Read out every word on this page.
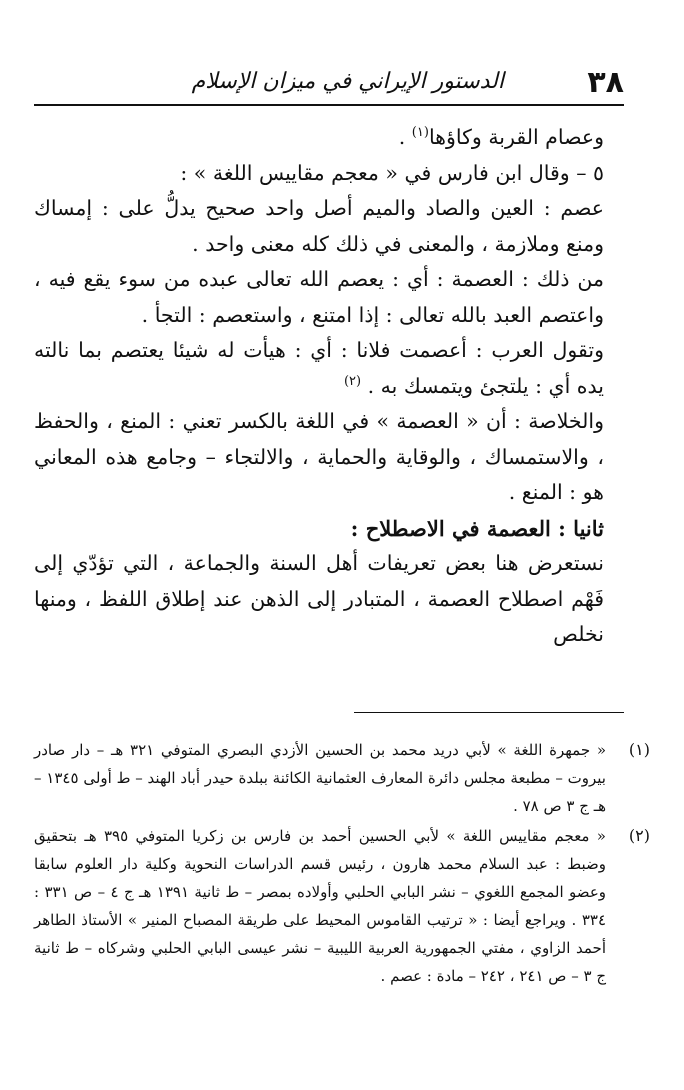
٣٨
الدستور الإيراني في ميزان الإسلام

وعصام القربة وكاؤها$^{(١)}$ .

٥ – وقال ابن فارس في « معجم مقاييس اللغة » :

عصم : العين والصاد والميم أصل واحد صحيح يدلُّ على : إمساك ومنع وملازمة ، والمعنى في ذلك كله معنى واحد .

من ذلك : العصمة : أي : يعصم الله تعالى عبده من سوء يقع فيه ، واعتصم العبد بالله تعالى : إذا امتنع ، واستعصم : التجأ .

وتقول العرب : أعصمت فلانا : أي : هيأت له شيئا يعتصم بما نالته يده أي : يلتجئ ويتمسك به . $^{(٢)}$

والخلاصة : أن « العصمة » في اللغة بالكسر تعني : المنع ، والحفظ ، والاستمساك ، والوقاية والحماية ، والالتجاء – وجامع هذه المعاني هو : المنع .

ثانيا : العصمة في الاصطلاح :

نستعرض هنا بعض تعريفات أهل السنة والجماعة ، التي تؤدّي إلى فَهْم اصطلاح العصمة ، المتبادر إلى الذهن عند إطلاق اللفظ ، ومنها نخلص

(١)
« جمهرة اللغة » لأبي دريد محمد بن الحسين الأزدي البصري المتوفي ٣٢١ هـ – دار صادر بيروت – مطبعة مجلس دائرة المعارف العثمانية الكائنة ببلدة حيدر أباد الهند – ط أولى ١٣٤٥ – هـ ج ٣ ص ٧٨ .
(٢)
« معجم مقاييس اللغة » لأبي الحسين أحمد بن فارس بن زكريا المتوفي ٣٩٥ هـ بتحقيق وضبط : عبد السلام محمد هارون ، رئيس قسم الدراسات النحوية وكلية دار العلوم سابقا وعضو المجمع اللغوي – نشر البابي الحلبي وأولاده بمصر – ط ثانية ١٣٩١ هـ ج ٤ – ص ٣٣١ : ٣٣٤ . ويراجع أيضا : « ترتيب القاموس المحيط على طريقة المصباح المنير » الأستاذ الطاهر أحمد الزاوي ، مفتي الجمهورية العربية الليبية – نشر عيسى البابي الحلبي وشركاه – ط ثانية ج ٣ – ص ٢٤١ ، ٢٤٢ – مادة : عصم .
